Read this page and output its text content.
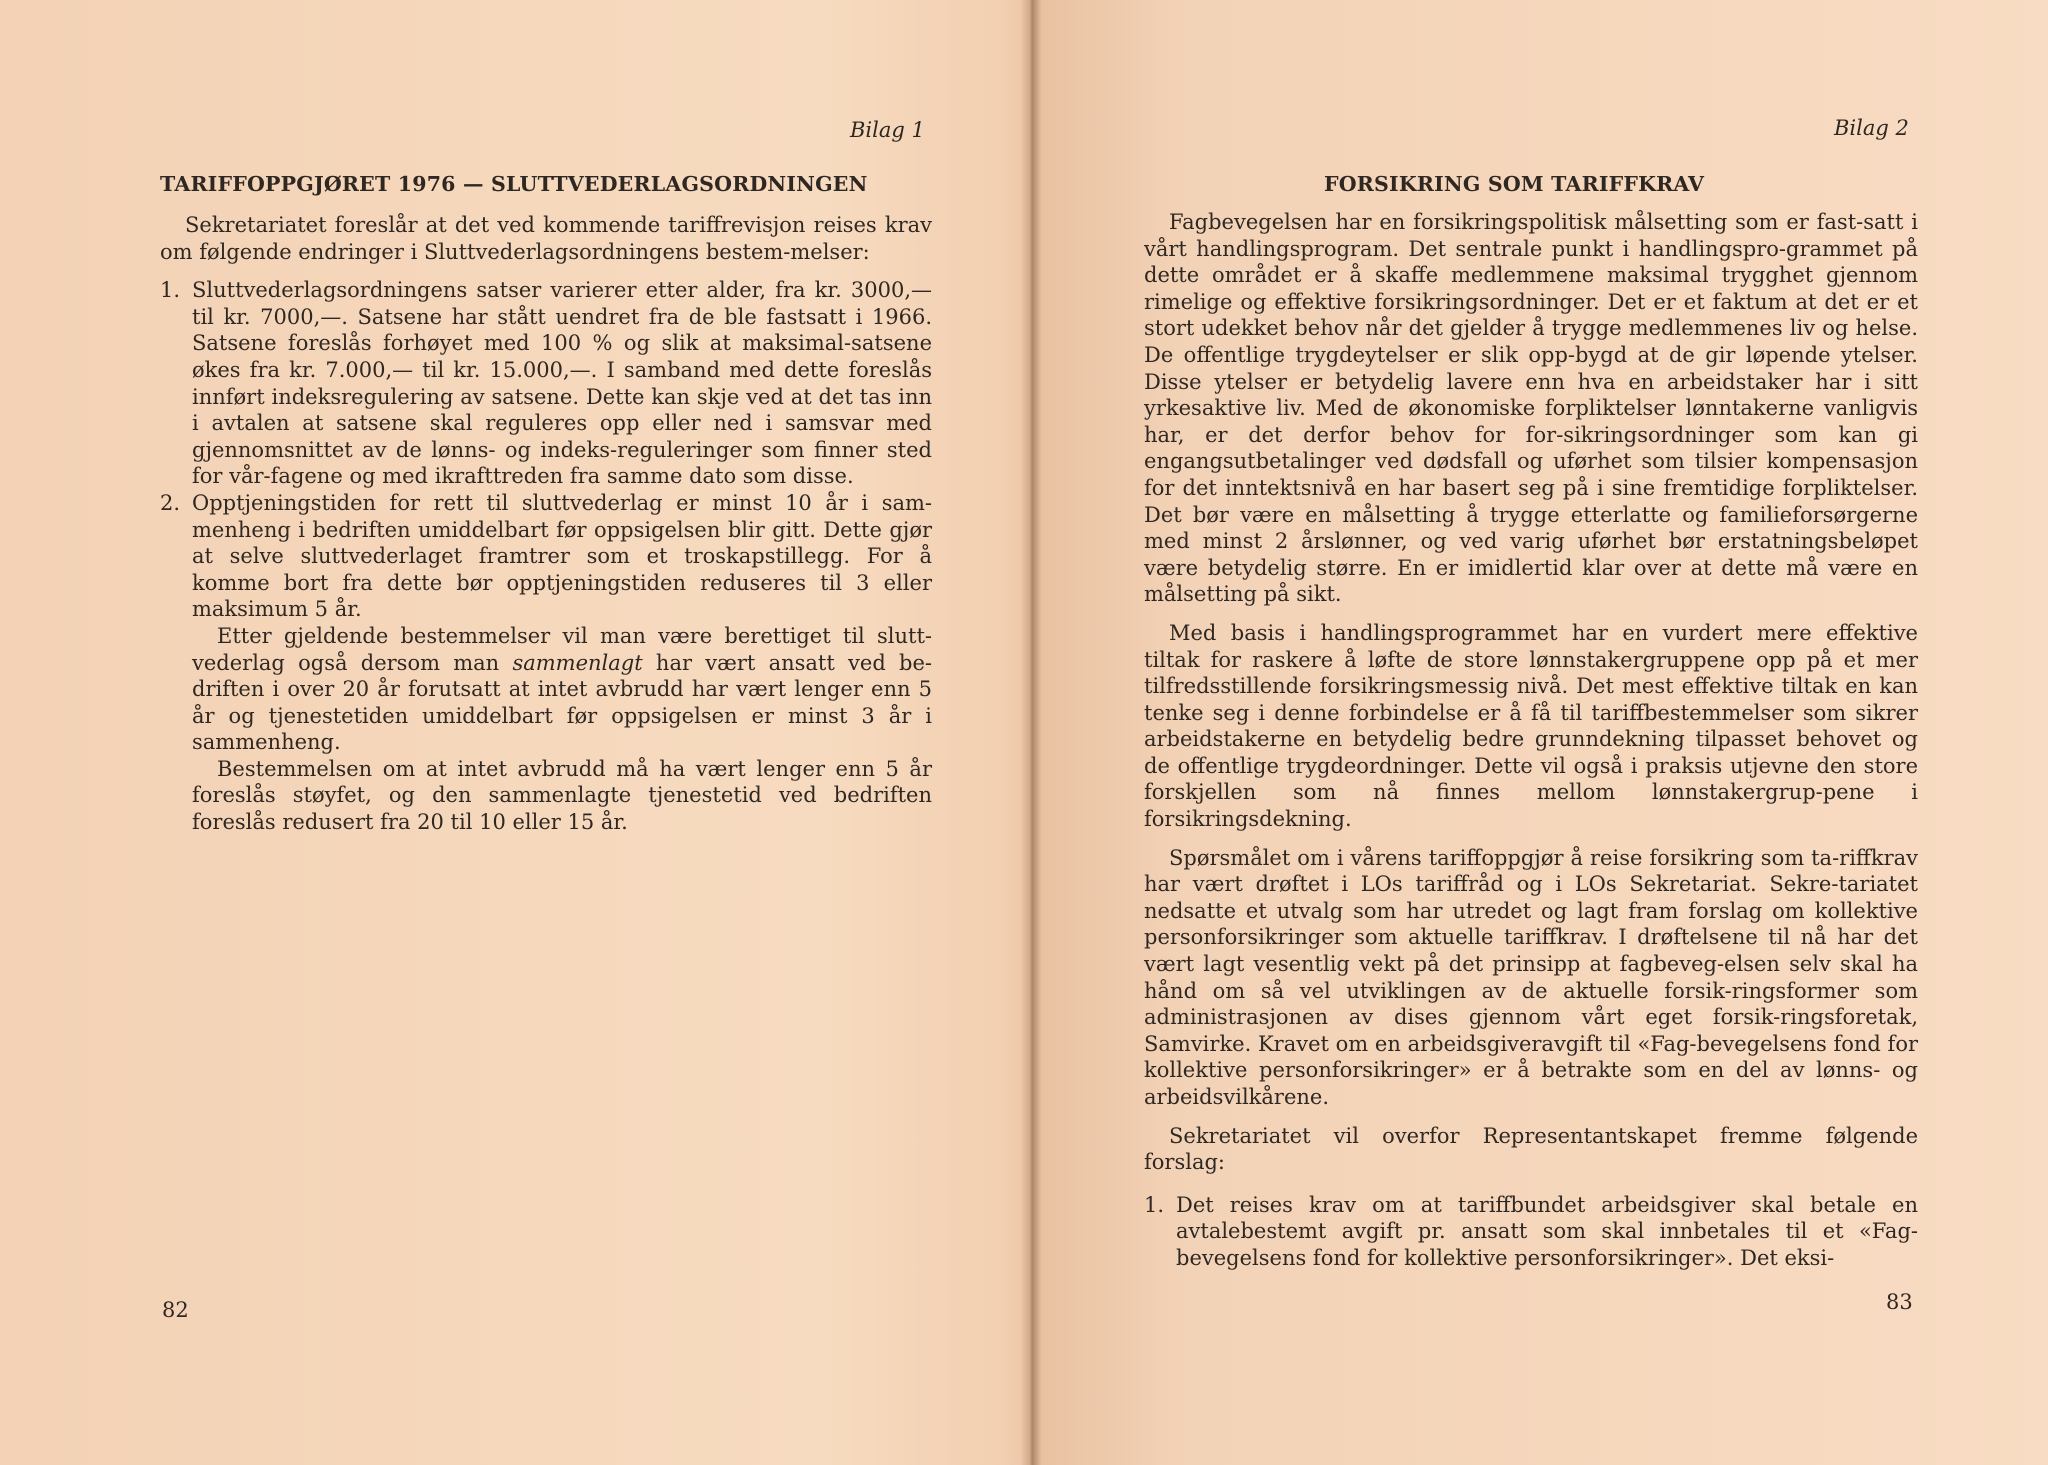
Bilag 1
TARIFFOPPGJØRET 1976 — SLUTTVEDERLAGSORDNINGEN

Sekretariatet foreslår at det ved kommende tariffrevisjon reises krav om følgende endringer i Sluttvederlagsordningens bestem-melser:

1. Sluttvederlagsordningens satser varierer etter alder, fra kr. 3000,— til kr. 7000,—. Satsene har stått uendret fra de ble fastsatt i 1966. Satsene foreslås forhøyet med 100 % og slik at maksimal-satsene økes fra kr. 7.000,— til kr. 15.000,—. I samband med dette foreslås innført indeksregulering av satsene. Dette kan skje ved at det tas inn i avtalen at satsene skal reguleres opp eller ned i samsvar med gjennomsnittet av de lønns- og indeks-reguleringer som finner sted for vår-fagene og med ikrafttreden fra samme dato som disse.

2. Opptjeningstiden for rett til sluttvederlag er minst 10 år i sam-menheng i bedriften umiddelbart før oppsigelsen blir gitt. Dette gjør at selve sluttvederlaget framtrer som et troskapstillegg. For å komme bort fra dette bør opptjeningstiden reduseres til 3 eller maksimum 5 år.

Etter gjeldende bestemmelser vil man være berettiget til slutt-vederlag også dersom man sammenlagt har vært ansatt ved be-driften i over 20 år forutsatt at intet avbrudd har vært lenger enn 5 år og tjenestetiden umiddelbart før oppsigelsen er minst 3 år i sammenheng.

Bestemmelsen om at intet avbrudd må ha vært lenger enn 5 år foreslås støyfet, og den sammenlagte tjenestetid ved bedriften foreslås redusert fra 20 til 10 eller 15 år.

82
Bilag 2
FORSIKRING SOM TARIFFKRAV

Fagbevegelsen har en forsikringspolitisk målsetting som er fast-satt i vårt handlingsprogram. Det sentrale punkt i handlingspro-grammet på dette området er å skaffe medlemmene maksimal trygghet gjennom rimelige og effektive forsikringsordninger. Det er et faktum at det er et stort udekket behov når det gjelder å trygge medlemmenes liv og helse. De offentlige trygdeytelser er slik opp-bygd at de gir løpende ytelser. Disse ytelser er betydelig lavere enn hva en arbeidstaker har i sitt yrkesaktive liv. Med de økonomiske forpliktelser lønntakerne vanligvis har, er det derfor behov for for-sikringsordninger som kan gi engangsutbetalinger ved dødsfall og uførhet som tilsier kompensasjon for det inntektsnivå en har basert seg på i sine fremtidige forpliktelser. Det bør være en målsetting å trygge etterlatte og familieforsørgerne med minst 2 årslønner, og ved varig uførhet bør erstatningsbeløpet være betydelig større. En er imidlertid klar over at dette må være en målsetting på sikt.

Med basis i handlingsprogrammet har en vurdert mere effektive tiltak for raskere å løfte de store lønnstakergruppene opp på et mer tilfredsstillende forsikringsmessig nivå. Det mest effektive tiltak en kan tenke seg i denne forbindelse er å få til tariffbestemmelser som sikrer arbeidstakerne en betydelig bedre grunndekning tilpasset behovet og de offentlige trygdeordninger. Dette vil også i praksis utjevne den store forskjellen som nå finnes mellom lønnstakergrup-pene i forsikringsdekning.

Spørsmålet om i vårens tariffoppgjør å reise forsikring som ta-riffkrav har vært drøftet i LOs tariffråd og i LOs Sekretariat. Sekre-tariatet nedsatte et utvalg som har utredet og lagt fram forslag om kollektive personforsikringer som aktuelle tariffkrav. I drøftelsene til nå har det vært lagt vesentlig vekt på det prinsipp at fagbeveg-elsen selv skal ha hånd om så vel utviklingen av de aktuelle forsik-ringsformer som administrasjonen av dises gjennom vårt eget forsik-ringsforetak, Samvirke. Kravet om en arbeidsgiveravgift til «Fag-bevegelsens fond for kollektive personforsikringer» er å betrakte som en del av lønns- og arbeidsvilkårene.

Sekretariatet vil overfor Representantskapet fremme følgende forslag:

1. Det reises krav om at tariffbundet arbeidsgiver skal betale en avtalebestemt avgift pr. ansatt som skal innbetales til et «Fag-bevegelsens fond for kollektive personforsikringer». Det eksi-

83
